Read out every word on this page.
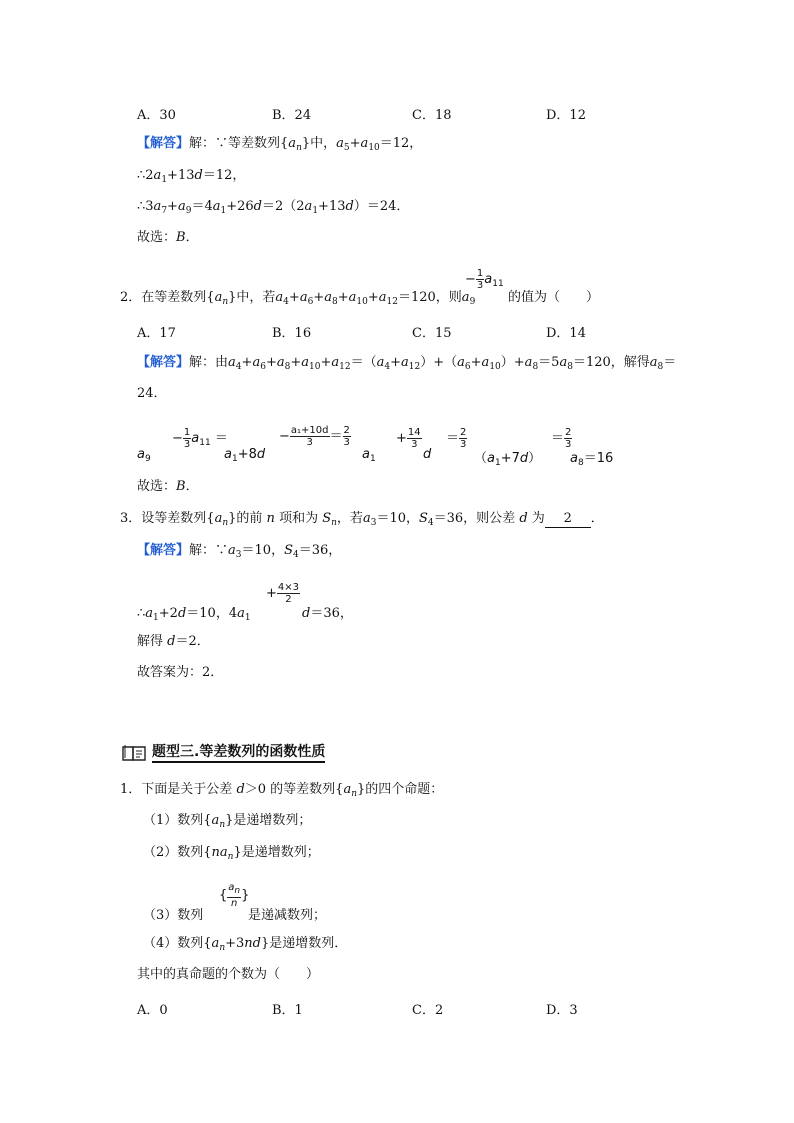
A．30	B．24	C．18	D．12
【解答】解：∵等差数列$\{a_n\}$中，$a_5+a_{10}=12$，
$\therefore 2a_1+13d=12$，
$\therefore 3a_7+a_9=4a_1+26d=2(2a_1+13d)=24$．
故选：B．
2．在等差数列$\{a_n\}$中，若$a_4+a_6+a_8+a_{10}+a_{12}=120$，则$a_9$
− $\frac{1}{3} a_{11}$
的值为（　　）
A．17	B．16	C．15	D．14
【解答】解：由$a_4+a_6+a_8+a_{10}+a_{12}=(a_4+a_{12})+(a_6+a_{10})+a_8=5a_8=120$，解得$a_8=$
24．
$a_9$
− $\frac{1}{3} a_{11}$ ＝
$a_1+8d$
− $\frac{\text{a₁+10d}}{3} = \frac{2}{3}$
$a_1$
+ $\frac{14}{3}$
d
＝ $\frac{2}{3}$
$(a_1+7d)$
＝ $\frac{2}{3}$
$a_8=16$
故选：B．
3．设等差数列$\{a_n\}$的前 n 项和为 $S_n$，若$a_3=10$，$S_4=36$，则公差 d 为 2 ．
【解答】解：$\because a_3=10$，$S_4=36$，
$\therefore a_1+2d=10$，$4a_1$
+ $\frac{4\times 3}{2}$
d＝36，
解得 d＝2．
故答案为：2．
题型三.等差数列的函数性质
1．下面是关于公差 d＞0 的等差数列$\{a_n\}$的四个命题：
（1）数列$\{a_n\}$是递增数列；
（2）数列$\{na_n\}$是递增数列；
（3）数列
{ $\frac{a_n}{n}$ }
是递减数列；
（4）数列$\{a_n+3nd\}$是递增数列．
其中的真命题的个数为（　　）
A．0	B．1	C．2	D．3
